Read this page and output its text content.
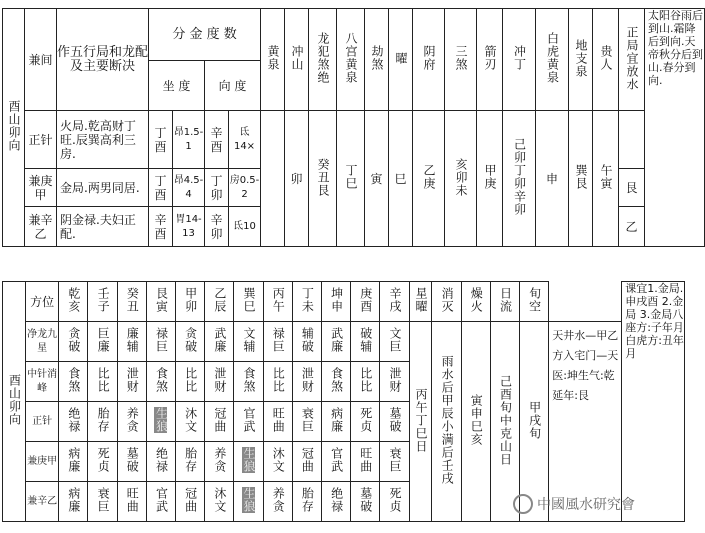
酉山卯向	兼间	作五行局和龙配及主要断决	分 金 度 数				黄泉	冲山	龙犯煞绝	八宫黄泉	劫煞	曜	阴府	三煞	箭刃	冲丁	白虎黄泉	地支泉	贵人	正局宜放水	太阳谷雨后到山.霜降后到向.天帝秋分后到山.春分到向.
			坐 度		向 度																
	正针	火局.乾高财丁旺.辰巽高利三房.	丁酉	昂1.5-1	辛酉	氐14×		卯	癸丑艮	丁巳	寅	巳	乙庚	亥卯未	甲庚	己卯丁卯辛卯	申	巽艮	午寅		
	兼庚甲	金局.两男同居.	丁酉	昂4.5-4	丁卯	房0.5-2														艮	
	兼辛乙	阴金禄.夫妇正配.	辛酉	胃14-13	辛卯	氐10														乙	
酉山卯向	方位	乾亥	壬子	癸丑	艮寅	甲卯	乙辰	巽巳	丙午	丁未	坤申	庚酉	辛戌	星曜	消灭	燥火	日流	旬空		课宜1.金局.申戌酉 2.金局 3.金局八座方:子年月白虎方:丑年月
	净龙九星	贪破	巨廉	廉辅	禄巨	贪破	武廉	文辅	禄巨	辅破	武廉	破辅	文巨	丙午丁巳日	雨水后甲辰小满后壬戌	寅申巳亥	己酉旬中克山日	甲戌旬	天井水—甲乙方入宅门—天医:坤生气:乾延年:艮	
	中针消峰	食煞	比比	泄财	食煞	比比	泄财	食煞	比比	泄财	食煞	比比	泄财							
	正针	绝禄	胎存	养贪	生狼	沐文	冠曲	官武	旺曲	衰巨	病廉	死贞	墓破							
	兼庚甲	病廉	死贞	墓破	绝禄	胎存	养贪	生狼	沐文	冠曲	官武	旺曲	衰巨							
	兼辛乙	病廉	衰巨	旺曲	官武	冠曲	沐文	生狼	养贪	胎存	绝禄	墓破	死贞								中國風水研究會
